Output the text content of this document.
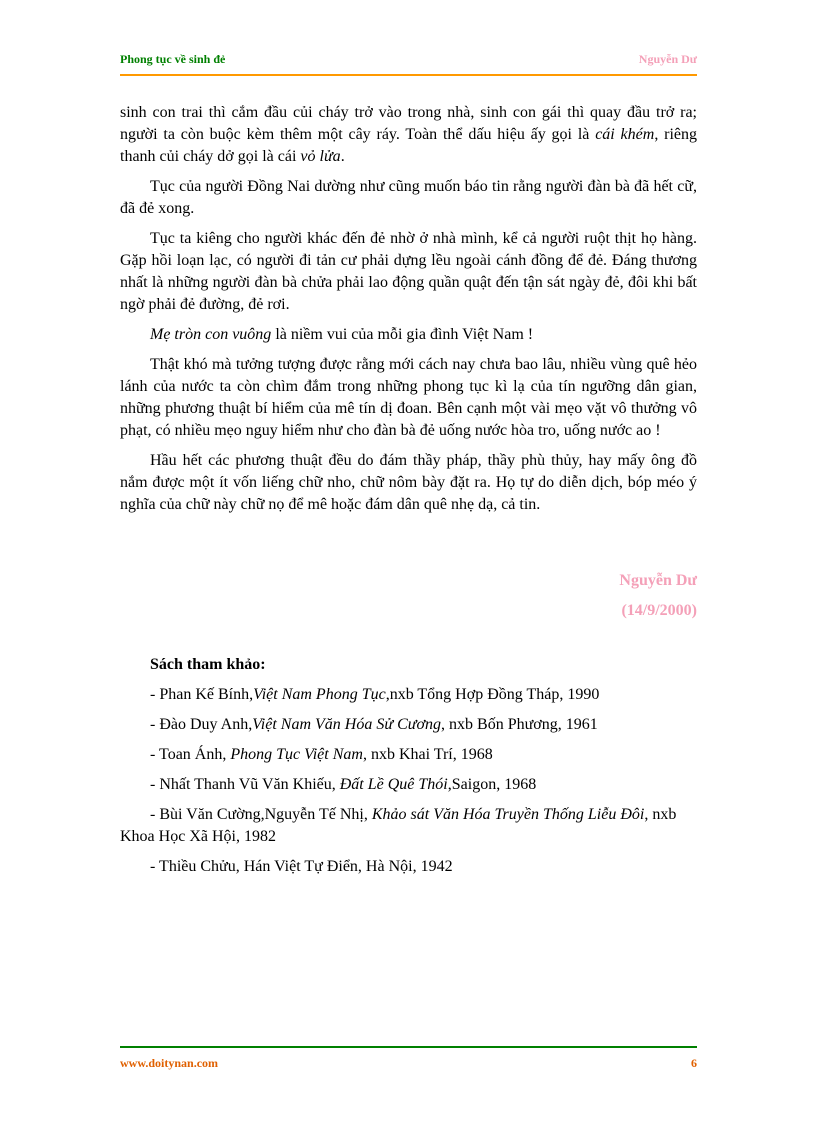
Phong tục về sinh đẻ	Nguyễn Dư

sinh con trai thì cắm đầu củi cháy trở vào trong nhà, sinh con gái thì quay đầu trở ra; người ta còn buộc kèm thêm một cây ráy. Toàn thể dấu hiệu ấy gọi là cái khém, riêng thanh củi cháy dở gọi là cái vỏ lửa.

Tục của người Đồng Nai dường như cũng muốn báo tin rằng người đàn bà đã hết cữ, đã đẻ xong.

Tục ta kiêng cho người khác đến đẻ nhờ ở nhà mình, kể cả người ruột thịt họ hàng. Gặp hồi loạn lạc, có người đi tản cư phải dựng lều ngoài cánh đồng để đẻ. Đáng thương nhất là những người đàn bà chửa phải lao động quần quật đến tận sát ngày đẻ, đôi khi bất ngờ phải đẻ đường, đẻ rơi.

Mẹ tròn con vuông là niềm vui của mỗi gia đình Việt Nam !

Thật khó mà tưởng tượng được rằng mới cách nay chưa bao lâu, nhiều vùng quê hẻo lánh của nước ta còn chìm đắm trong những phong tục kì lạ của tín ngưỡng dân gian, những phương thuật bí hiểm của mê tín dị đoan. Bên cạnh một vài mẹo vặt vô thưởng vô phạt, có nhiều mẹo nguy hiểm như cho đàn bà đẻ uống nước hòa tro, uống nước ao !

Hầu hết các phương thuật đều do đám thầy pháp, thầy phù thủy, hay mấy ông đồ nắm được một ít vốn liếng chữ nho, chữ nôm bày đặt ra. Họ tự do diễn dịch, bóp méo ý nghĩa của chữ này chữ nọ để mê hoặc đám dân quê nhẹ dạ, cả tin.

Nguyễn Dư
(14/9/2000)
Sách tham khảo:
- Phan Kế Bính,Việt Nam Phong Tục,nxb Tổng Hợp Đồng Tháp, 1990
- Đào Duy Anh,Việt Nam Văn Hóa Sử Cương, nxb Bốn Phương, 1961
- Toan Ánh, Phong Tục Việt Nam, nxb Khai Trí, 1968
- Nhất Thanh Vũ Văn Khiếu, Đất Lề Quê Thói,Saigon, 1968
- Bùi Văn Cường,Nguyễn Tế Nhị, Khảo sát Văn Hóa Truyền Thống Liễu Đôi, nxb Khoa Học Xã Hội, 1982
- Thiều Chửu, Hán Việt Tự Điển, Hà Nội, 1942
www.doitynan.com	6
